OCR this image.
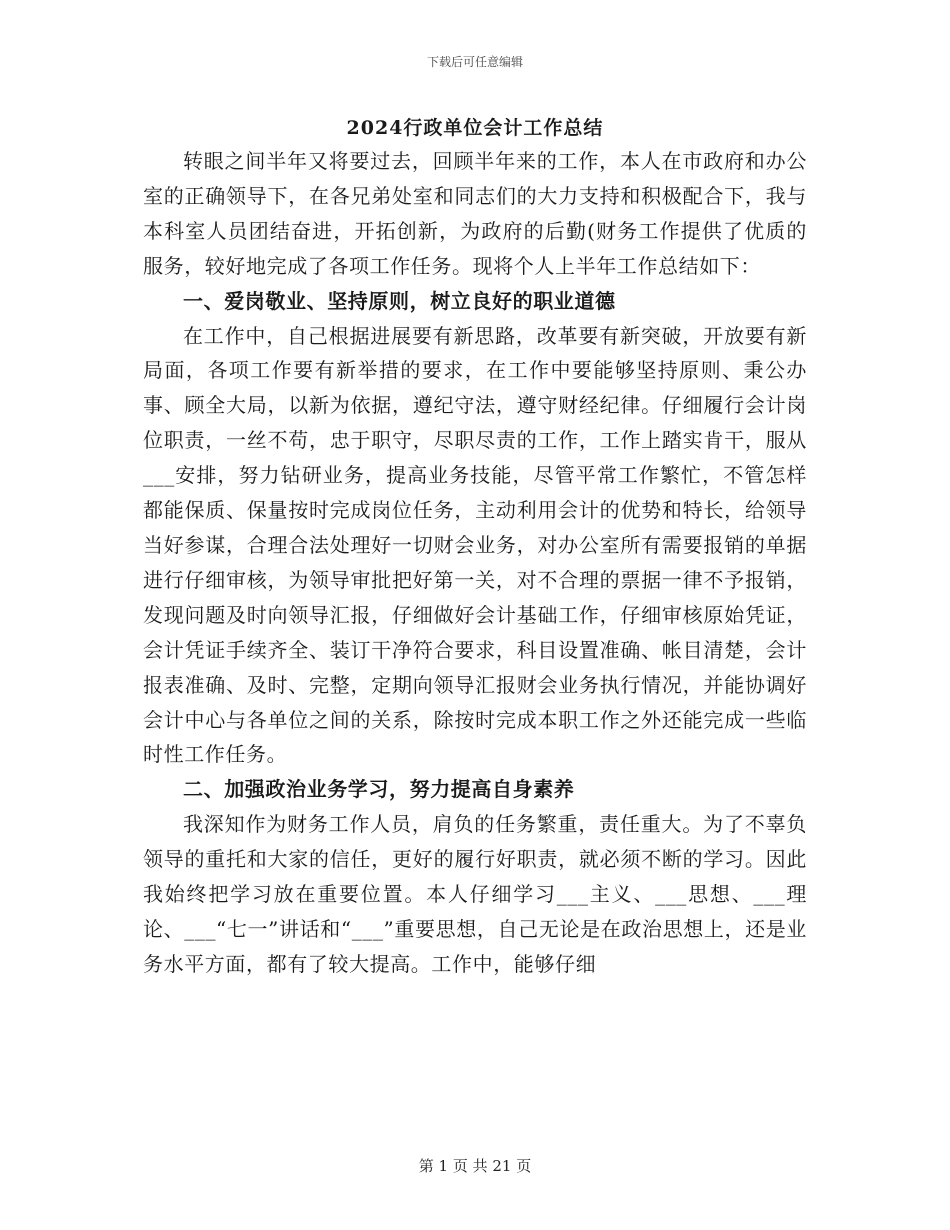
下载后可任意编辑
2024行政单位会计工作总结

转眼之间半年又将要过去，回顾半年来的工作，本人在市政府和办公室的正确领导下，在各兄弟处室和同志们的大力支持和积极配合下，我与本科室人员团结奋进，开拓创新，为政府的后勤(财务工作提供了优质的服务，较好地完成了各项工作任务。现将个人上半年工作总结如下：

一、爱岗敬业、坚持原则，树立良好的职业道德

在工作中，自己根据进展要有新思路，改革要有新突破，开放要有新局面，各项工作要有新举措的要求，在工作中要能够坚持原则、秉公办事、顾全大局，以新为依据，遵纪守法，遵守财经纪律。仔细履行会计岗位职责，一丝不苟，忠于职守，尽职尽责的工作，工作上踏实肯干，服从___安排，努力钻研业务，提高业务技能，尽管平常工作繁忙，不管怎样都能保质、保量按时完成岗位任务，主动利用会计的优势和特长，给领导当好参谋，合理合法处理好一切财会业务，对办公室所有需要报销的单据进行仔细审核，为领导审批把好第一关，对不合理的票据一律不予报销，发现问题及时向领导汇报，仔细做好会计基础工作，仔细审核原始凭证，会计凭证手续齐全、装订干净符合要求，科目设置准确、帐目清楚，会计报表准确、及时、完整，定期向领导汇报财会业务执行情况，并能协调好会计中心与各单位之间的关系，除按时完成本职工作之外还能完成一些临时性工作任务。

二、加强政治业务学习，努力提高自身素养

我深知作为财务工作人员，肩负的任务繁重，责任重大。为了不辜负领导的重托和大家的信任，更好的履行好职责，就必须不断的学习。因此我始终把学习放在重要位置。本人仔细学习___主义、___思想、___理论、___“七一”讲话和“___”重要思想，自己无论是在政治思想上，还是业务水平方面，都有了较大提高。工作中，能够仔细

第 1 页 共 21 页
